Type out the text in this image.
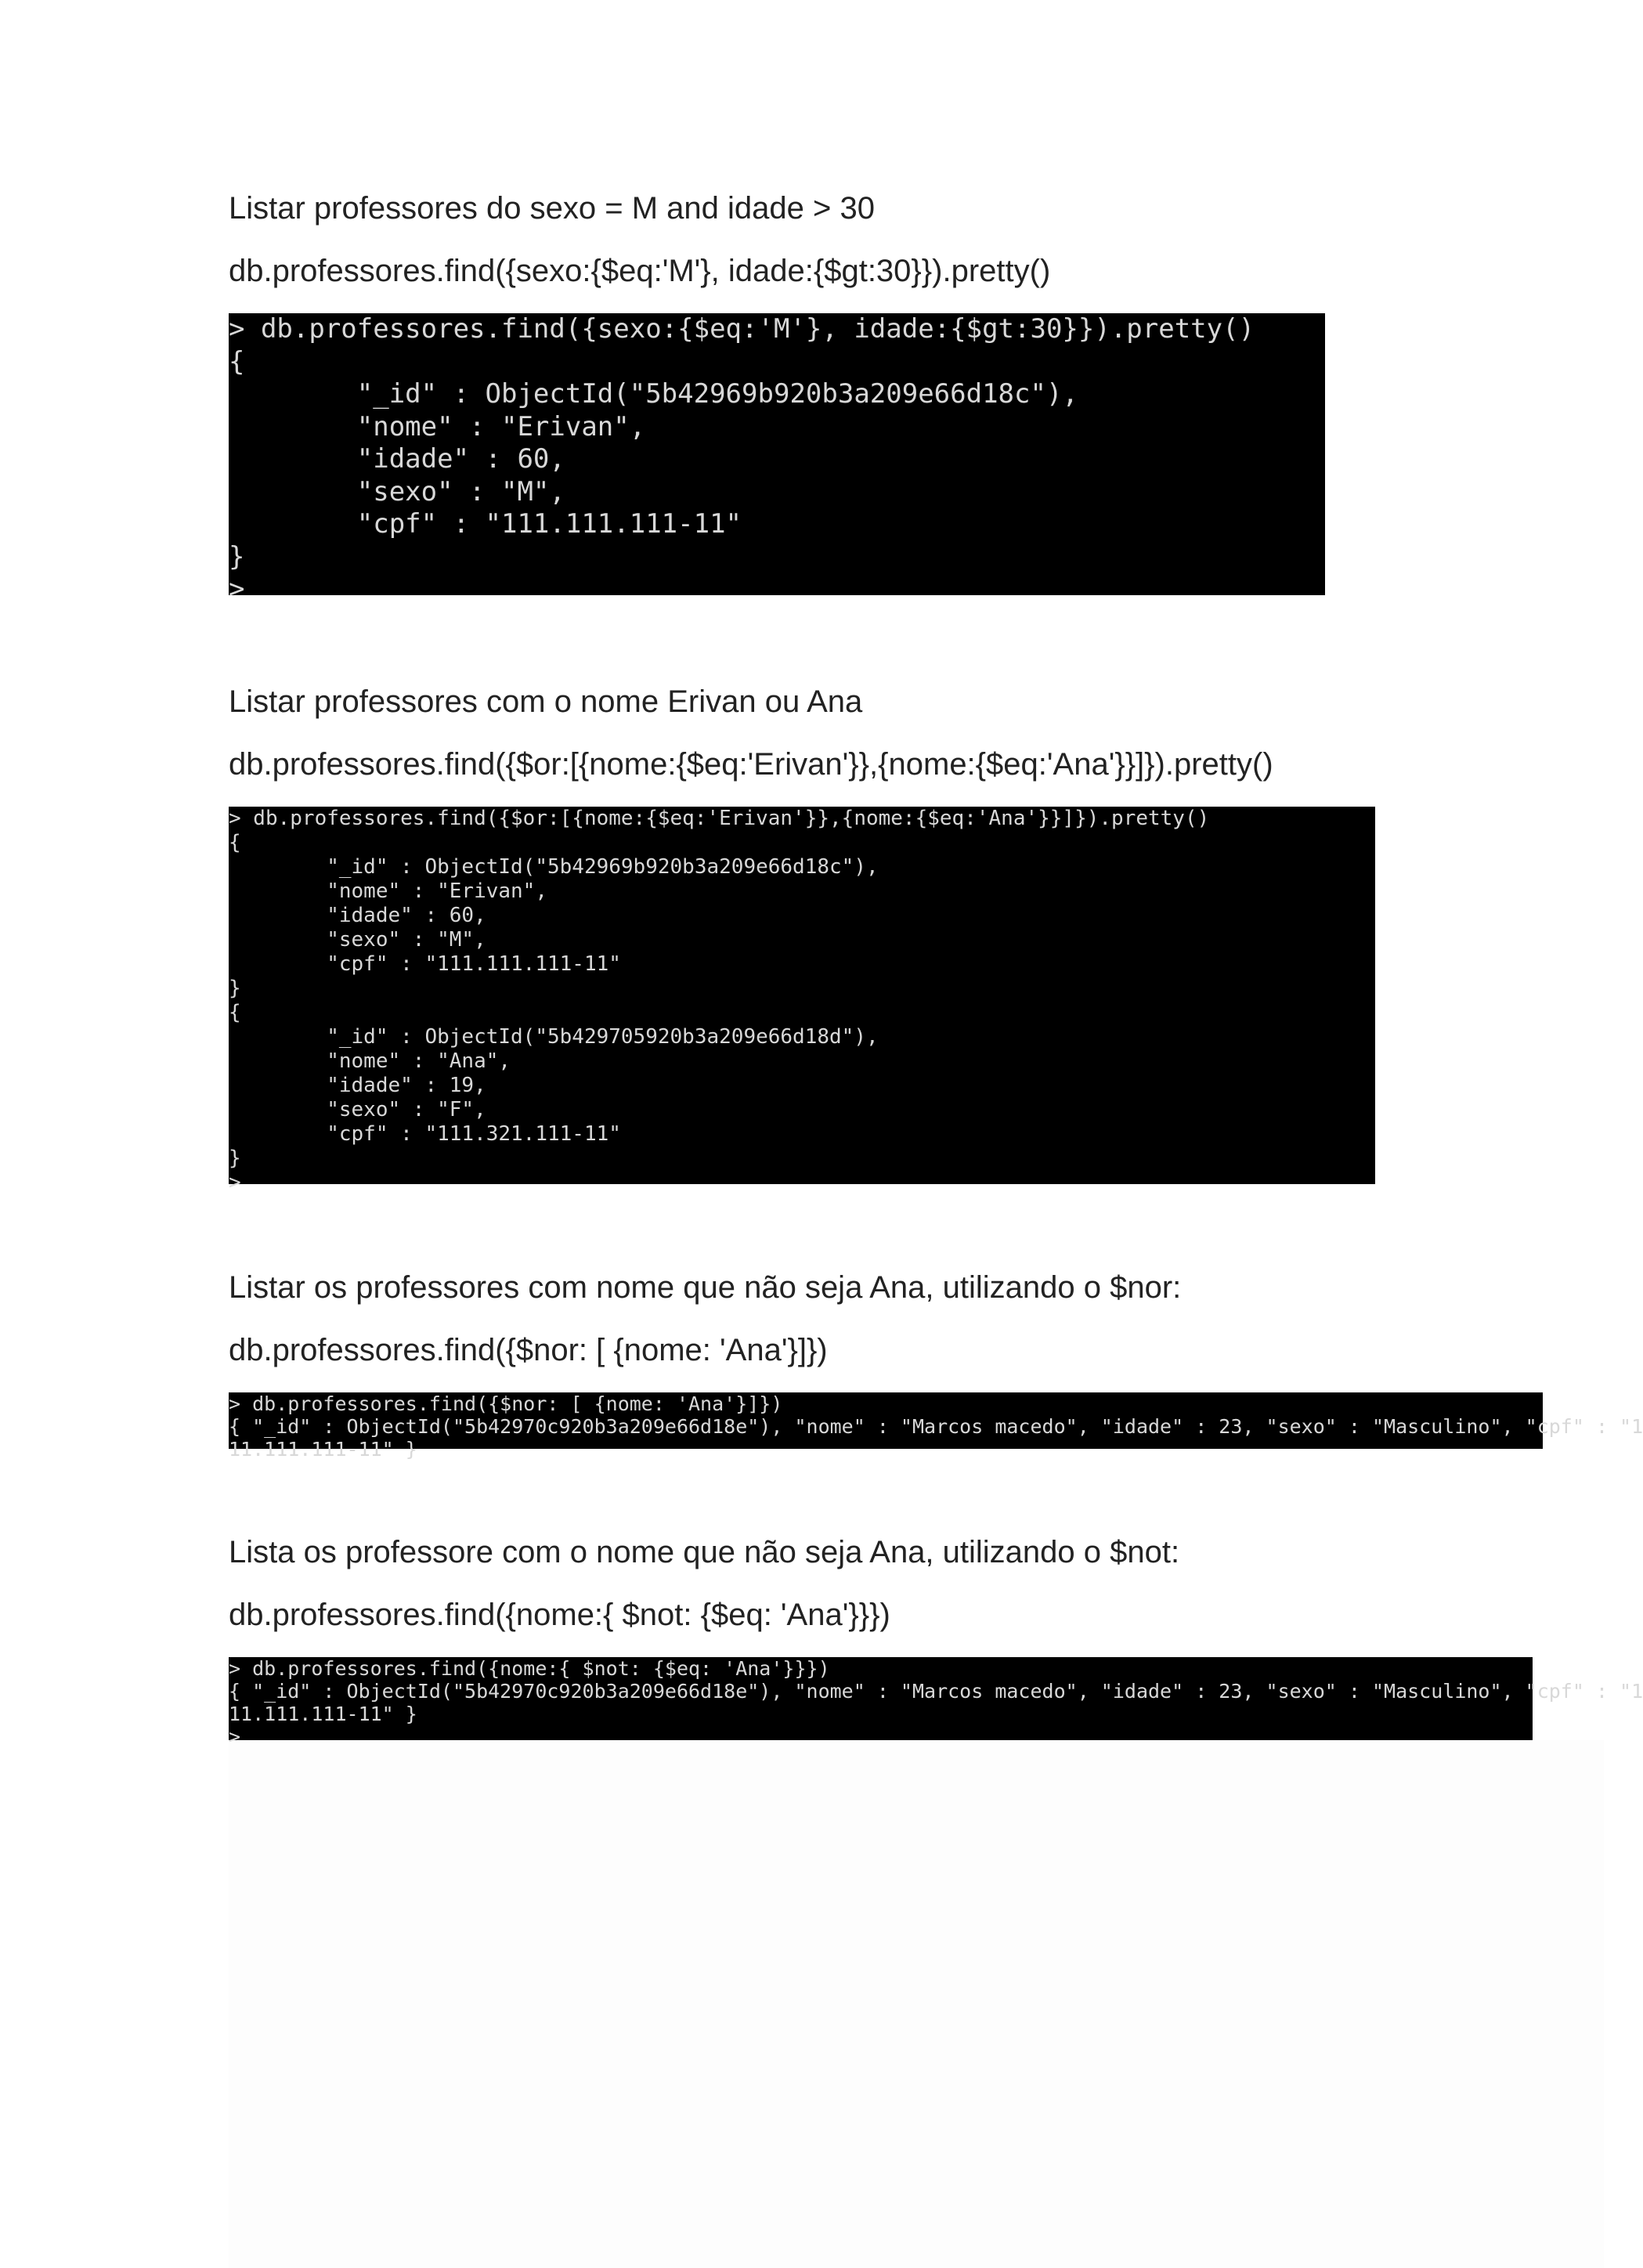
Listar professores do sexo = M and idade > 30
db.professores.find({sexo:{$eq:'M'}, idade:{$gt:30}}).pretty()
> db.professores.find({sexo:{$eq:'M'}, idade:{$gt:30}}).pretty()
{
"_id" : ObjectId("5b42969b920b3a209e66d18c"),
"nome" : "Erivan",
"idade" : 60,
"sexo" : "M",
"cpf" : "111.111.111-11"
}
>
Listar professores com o nome Erivan ou Ana
db.professores.find({$or:[{nome:{$eq:'Erivan'}},{nome:{$eq:'Ana'}}]}).pretty()
> db.professores.find({$or:[{nome:{$eq:'Erivan'}},{nome:{$eq:'Ana'}}]}).pretty()
{
"_id" : ObjectId("5b42969b920b3a209e66d18c"),
"nome" : "Erivan",
"idade" : 60,
"sexo" : "M",
"cpf" : "111.111.111-11"
}
{
"_id" : ObjectId("5b429705920b3a209e66d18d"),
"nome" : "Ana",
"idade" : 19,
"sexo" : "F",
"cpf" : "111.321.111-11"
}
>
Listar os professores com nome que não seja Ana, utilizando o $nor:
db.professores.find({$nor: [ {nome: 'Ana'}]})
> db.professores.find({$nor: [ {nome: 'Ana'}]})
{ "_id" : ObjectId("5b42970c920b3a209e66d18e"), "nome" : "Marcos macedo", "idade" : 23, "sexo" : "Masculino", "cpf" : "1
11.111.111-11" }
Lista os professore com o nome que não seja Ana, utilizando o $not:
db.professores.find({nome:{ $not: {$eq: 'Ana'}}})
> db.professores.find({nome:{ $not: {$eq: 'Ana'}}})
{ "_id" : ObjectId("5b42970c920b3a209e66d18e"), "nome" : "Marcos macedo", "idade" : 23, "sexo" : "Masculino", "cpf" : "1
11.111.111-11" }
>
